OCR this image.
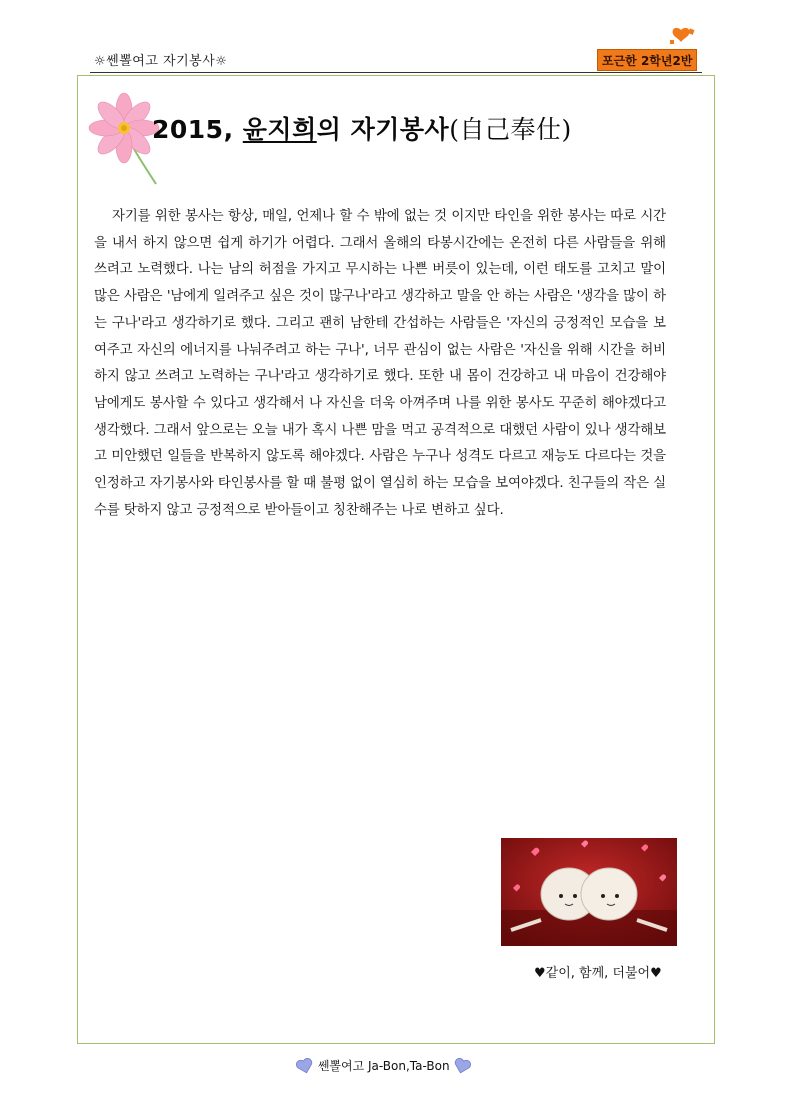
☼쎈뽈여고 자기봉사☼	포근한 2학년2반
2015, 윤지희의 자기봉사(自己奉仕)

자기를 위한 봉사는 항상, 매일, 언제나 할 수 밖에 없는 것 이지만 타인을 위한 봉사는 따로 시간을 내서 하지 않으면 쉽게 하기가 어렵다. 그래서 올해의 타봉시간에는 온전히 다른 사람들을 위해 쓰려고 노력했다. 나는 남의 허점을 가지고 무시하는 나쁜 버릇이 있는데, 이런 태도를 고치고 말이 많은 사람은 '남에게 일려주고 싶은 것이 많구나'라고 생각하고 말을 안 하는 사람은 '생각을 많이 하는 구나'라고 생각하기로 했다. 그리고 괜히 남한테 간섭하는 사람들은 '자신의 긍정적인 모습을 보여주고 자신의 에너지를 나눠주려고 하는 구나', 너무 관심이 없는 사람은 '자신을 위해 시간을 허비하지 않고 쓰려고 노력하는 구나'라고 생각하기로 했다. 또한 내 몸이 건강하고 내 마음이 건강해야 남에게도 봉사할 수 있다고 생각해서 나 자신을 더욱 아껴주며 나를 위한 봉사도 꾸준히 해야겠다고 생각했다. 그래서 앞으로는 오늘 내가 혹시 나쁜 맘을 먹고 공격적으로 대했던 사람이 있나 생각해보고 미안했던 일들을 반복하지 않도록 해야겠다. 사람은 누구나 성격도 다르고 재능도 다르다는 것을 인정하고 자기봉사와 타인봉사를 할 때 불평 없이 열심히 하는 모습을 보여야겠다. 친구들의 작은 실수를 탓하지 않고 긍정적으로 받아들이고 칭찬해주는 나로 변하고 싶다.

♥같이, 함께, 더불어♥
쎈뽈여고 Ja-Bon,Ta-Bon
